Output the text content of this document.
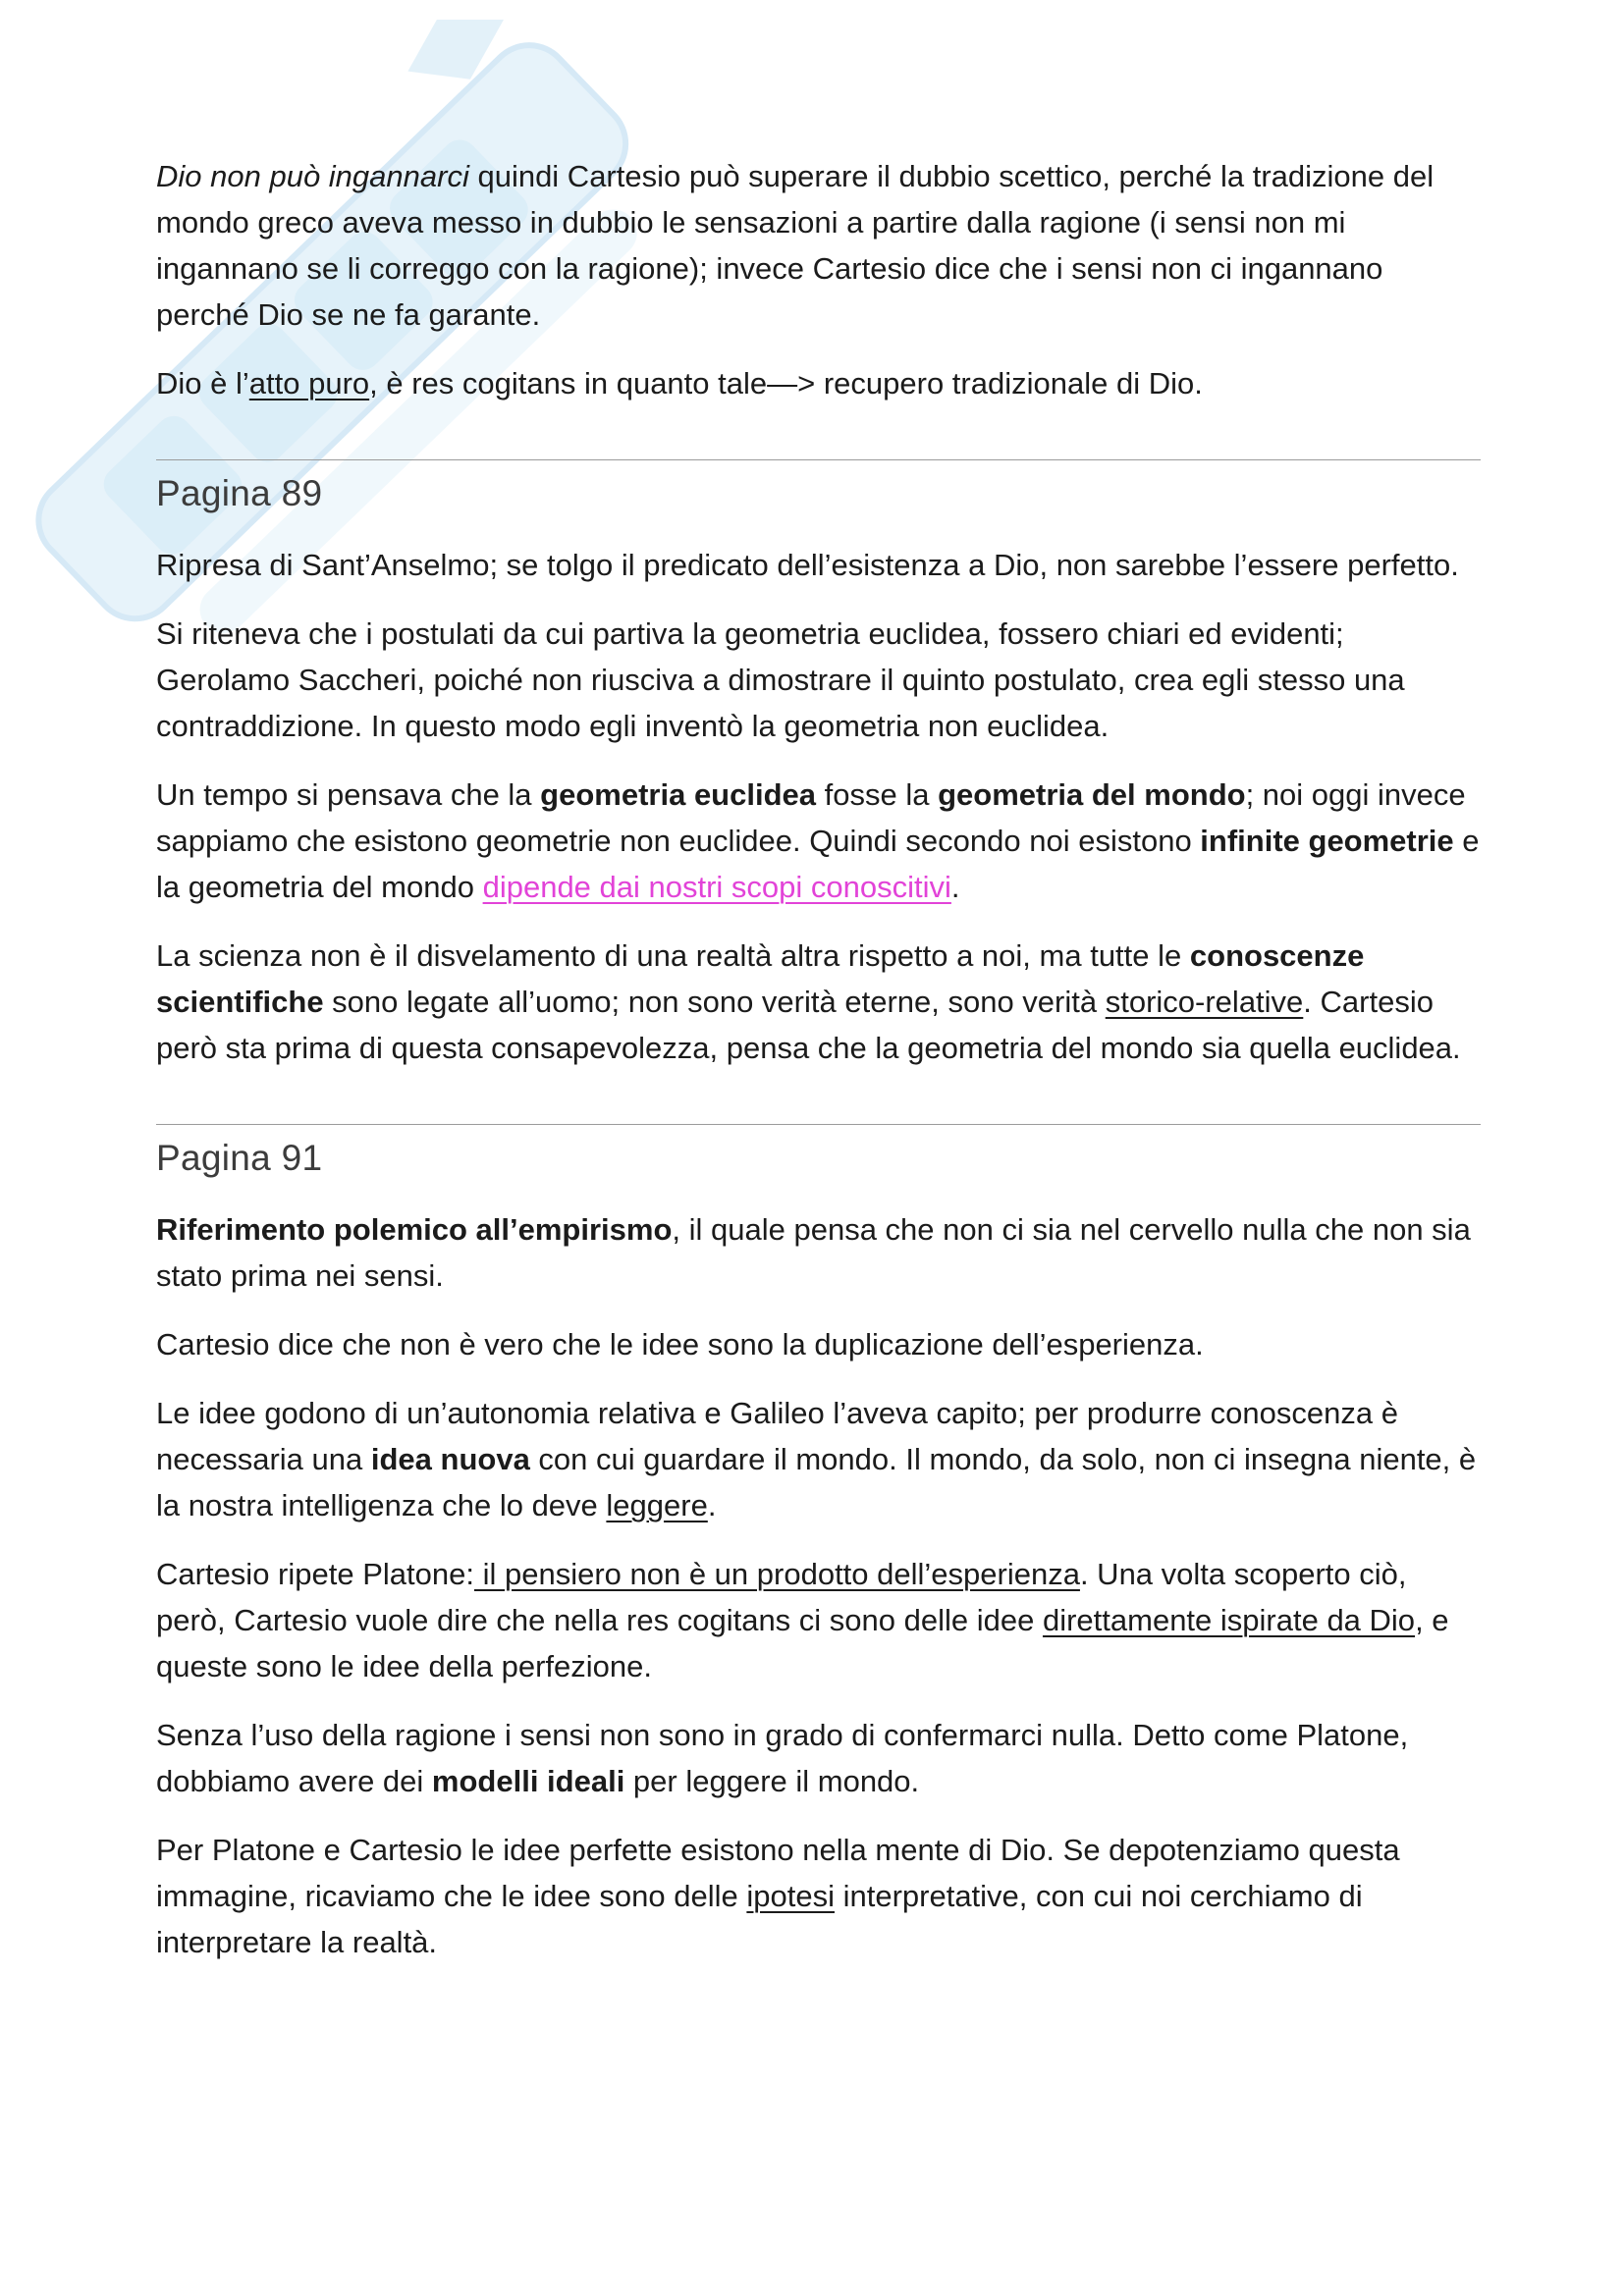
Dio non può ingannarci quindi Cartesio può superare il dubbio scettico, perché la tradizione del mondo greco aveva messo in dubbio le sensazioni a partire dalla ragione (i sensi non mi ingannano se li correggo con la ragione); invece Cartesio dice che i sensi non ci ingannano perché Dio se ne fa garante.

Dio è l’atto puro, è res cogitans in quanto tale—> recupero tradizionale di Dio.

Pagina 89

Ripresa di Sant’Anselmo; se tolgo il predicato dell’esistenza a Dio, non sarebbe l’essere perfetto.

Si riteneva che i postulati da cui partiva la geometria euclidea, fossero chiari ed evidenti; Gerolamo Saccheri, poiché non riusciva a dimostrare il quinto postulato, crea egli stesso una contraddizione. In questo modo egli inventò la geometria non euclidea.

Un tempo si pensava che la geometria euclidea fosse la geometria del mondo; noi oggi invece sappiamo che esistono geometrie non euclidee. Quindi secondo noi esistono infinite geometrie e la geometria del mondo dipende dai nostri scopi conoscitivi.

La scienza non è il disvelamento di una realtà altra rispetto a noi, ma tutte le conoscenze scientifiche sono legate all’uomo; non sono verità eterne, sono verità storico-relative. Cartesio però sta prima di questa consapevolezza, pensa che la geometria del mondo sia quella euclidea.

Pagina 91

Riferimento polemico all’empirismo, il quale pensa che non ci sia nel cervello nulla che non sia stato prima nei sensi.

Cartesio dice che non è vero che le idee sono la duplicazione dell’esperienza.

Le idee godono di un’autonomia relativa e Galileo l’aveva capito; per produrre conoscenza è necessaria una idea nuova con cui guardare il mondo. Il mondo, da solo, non ci insegna niente, è la nostra intelligenza che lo deve leggere.

Cartesio ripete Platone: il pensiero non è un prodotto dell’esperienza. Una volta scoperto ciò, però, Cartesio vuole dire che nella res cogitans ci sono delle idee direttamente ispirate da Dio, e queste sono le idee della perfezione.

Senza l’uso della ragione i sensi non sono in grado di confermarci nulla. Detto come Platone, dobbiamo avere dei modelli ideali per leggere il mondo.

Per Platone e Cartesio le idee perfette esistono nella mente di Dio. Se depotenziamo questa immagine, ricaviamo che le idee sono delle ipotesi interpretative, con cui noi cerchiamo di interpretare la realtà.
